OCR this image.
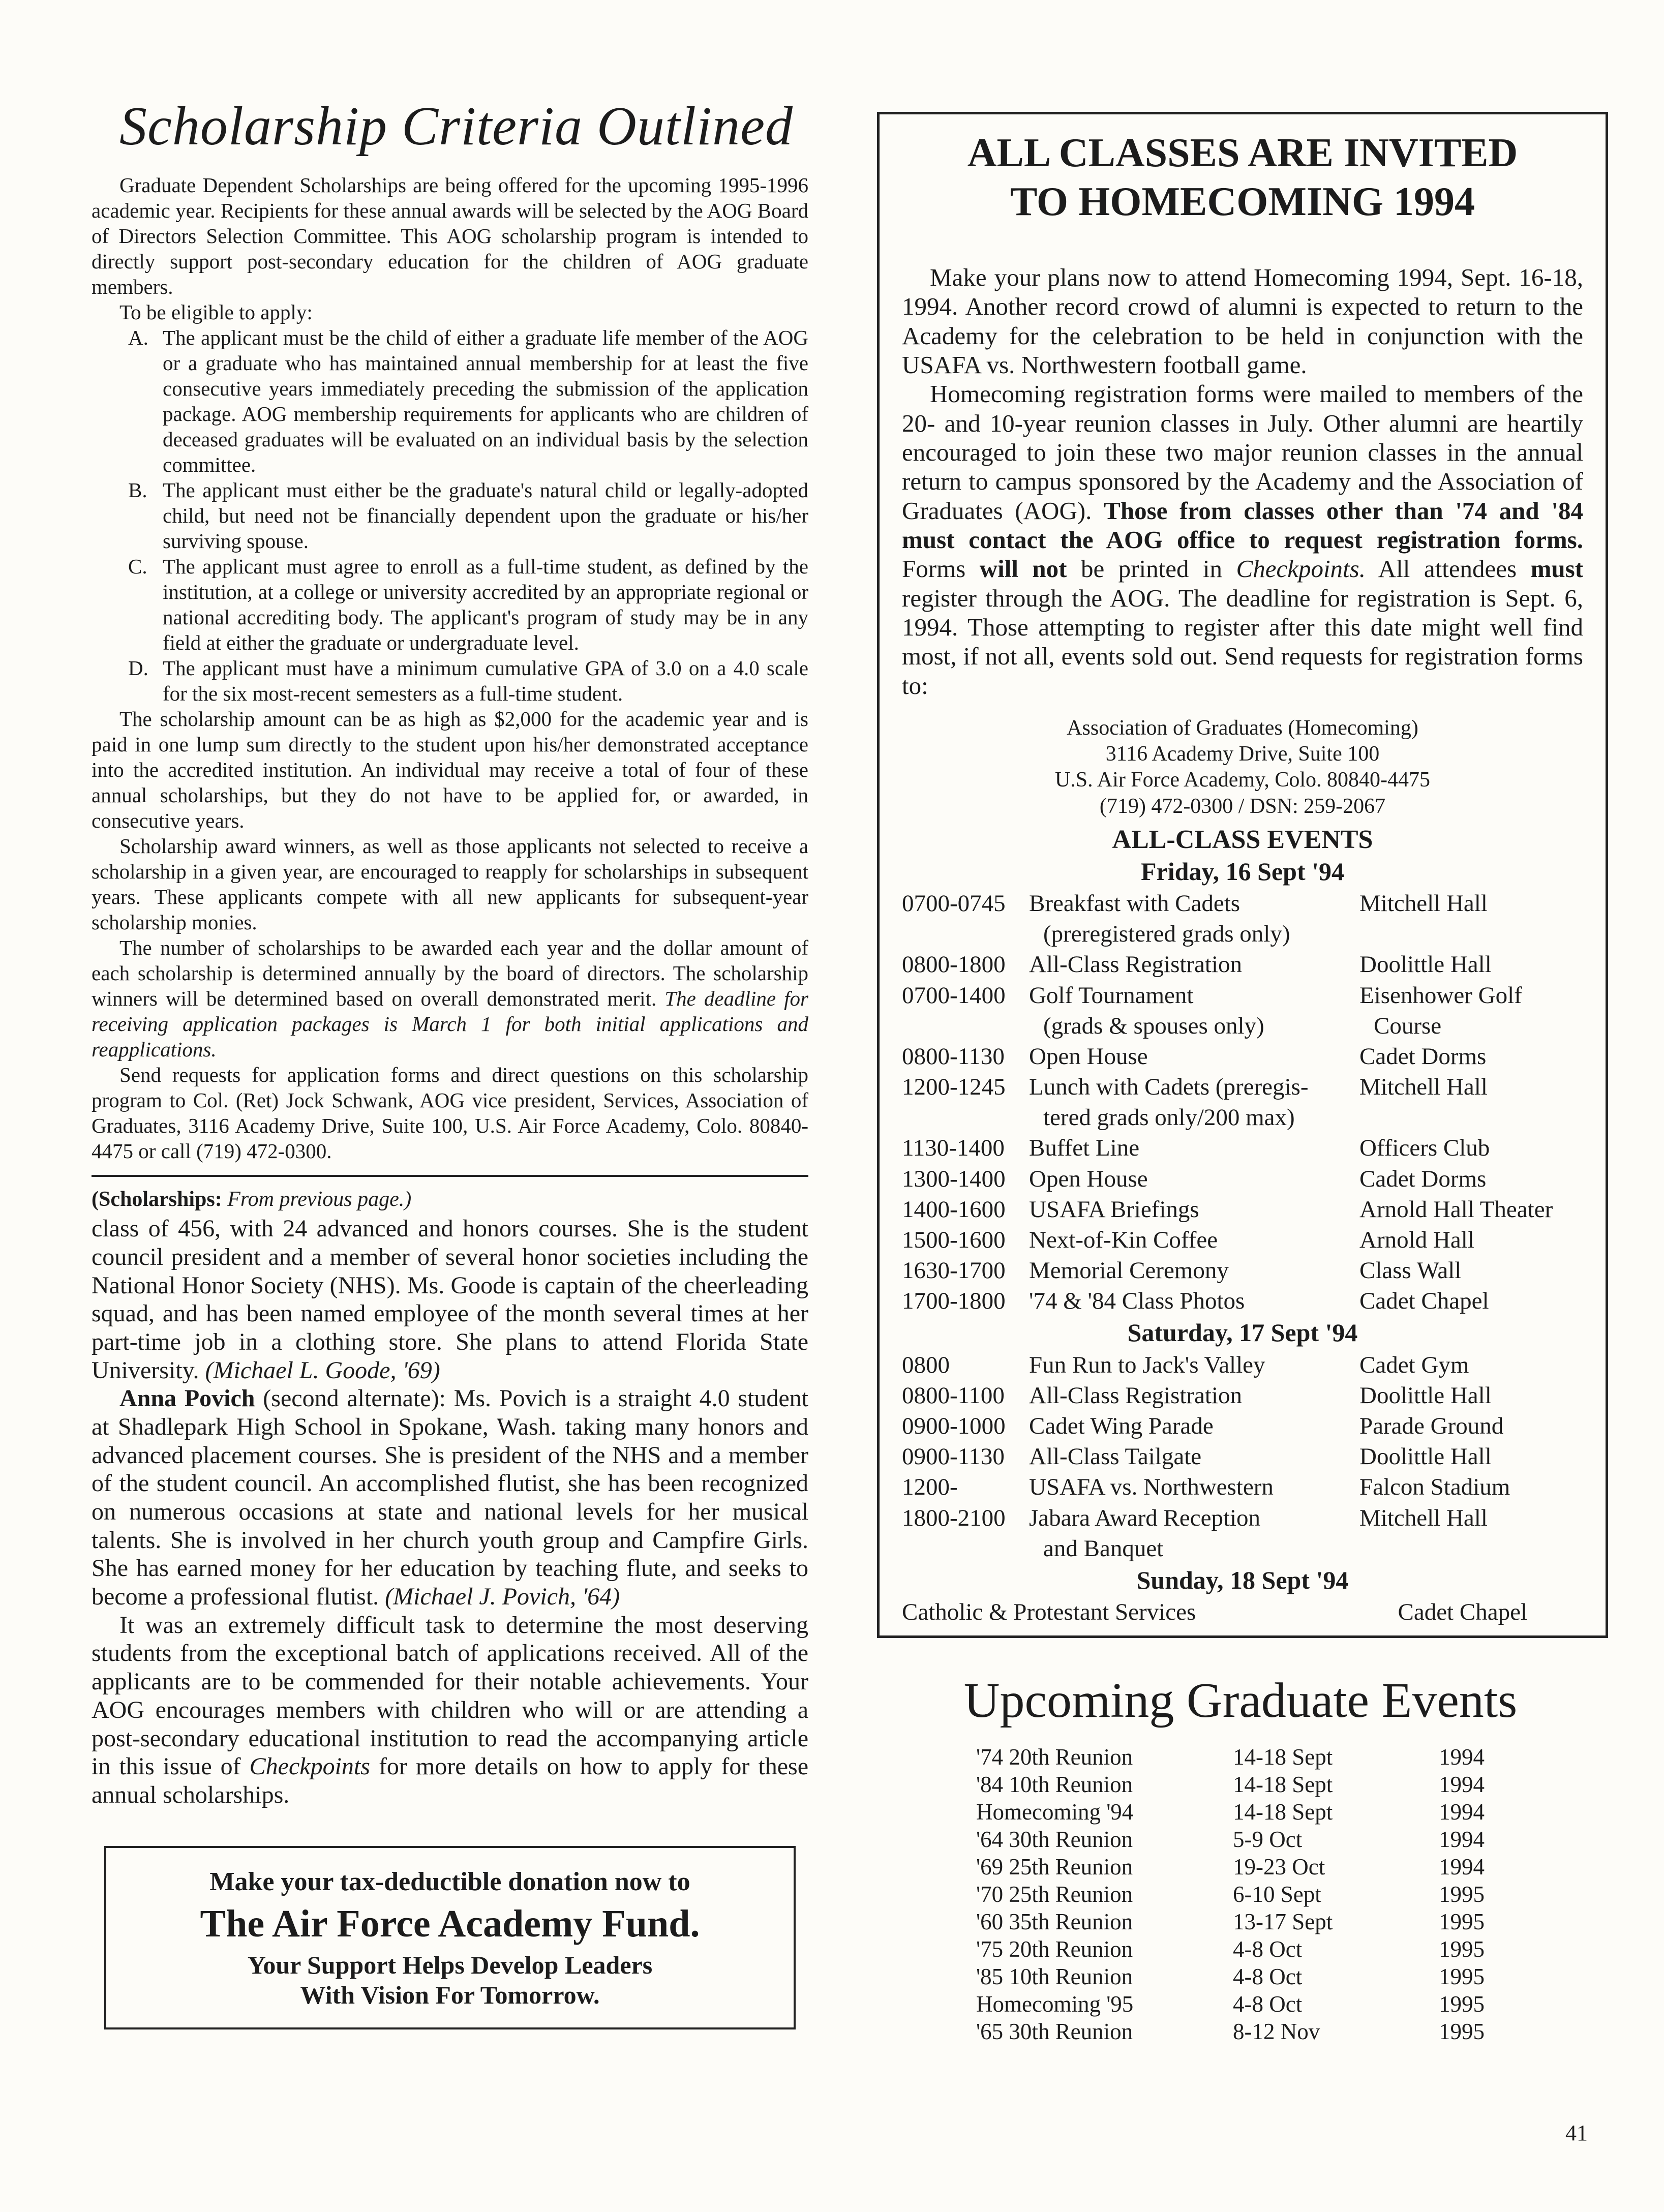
Scholarship Criteria Outlined

Graduate Dependent Scholarships are being offered for the upcoming 1995-1996 academic year. Recipients for these annual awards will be selected by the AOG Board of Directors Selection Committee. This AOG scholarship program is intended to directly support post-secondary education for the children of AOG graduate members.

To be eligible to apply:

A. The applicant must be the child of either a graduate life member of the AOG or a graduate who has maintained annual membership for at least the five consecutive years immediately preceding the submission of the application package. AOG membership requirements for applicants who are children of deceased graduates will be evaluated on an individual basis by the selection committee.
B. The applicant must either be the graduate's natural child or legally-adopted child, but need not be financially dependent upon the graduate or his/her surviving spouse.
C. The applicant must agree to enroll as a full-time student, as defined by the institution, at a college or university accredited by an appropriate regional or national accrediting body. The applicant's program of study may be in any field at either the graduate or undergraduate level.
D. The applicant must have a minimum cumulative GPA of 3.0 on a 4.0 scale for the six most-recent semesters as a full-time student.

The scholarship amount can be as high as $2,000 for the academic year and is paid in one lump sum directly to the student upon his/her demonstrated acceptance into the accredited institution. An individual may receive a total of four of these annual scholarships, but they do not have to be applied for, or awarded, in consecutive years.

Scholarship award winners, as well as those applicants not selected to receive a scholarship in a given year, are encouraged to reapply for scholarships in subsequent years. These applicants compete with all new applicants for subsequent-year scholarship monies.

The number of scholarships to be awarded each year and the dollar amount of each scholarship is determined annually by the board of directors. The scholarship winners will be determined based on overall demonstrated merit. The deadline for receiving application packages is March 1 for both initial applications and reapplications.

Send requests for application forms and direct questions on this scholarship program to Col. (Ret) Jock Schwank, AOG vice president, Services, Association of Graduates, 3116 Academy Drive, Suite 100, U.S. Air Force Academy, Colo. 80840-4475 or call (719) 472-0300.

(Scholarships: From previous page.)

class of 456, with 24 advanced and honors courses. She is the student council president and a member of several honor societies including the National Honor Society (NHS). Ms. Goode is captain of the cheerleading squad, and has been named employee of the month several times at her part-time job in a clothing store. She plans to attend Florida State University. (Michael L. Goode, '69)

Anna Povich (second alternate): Ms. Povich is a straight 4.0 student at Shadlepark High School in Spokane, Wash. taking many honors and advanced placement courses. She is president of the NHS and a member of the student council. An accomplished flutist, she has been recognized on numerous occasions at state and national levels for her musical talents. She is involved in her church youth group and Campfire Girls. She has earned money for her education by teaching flute, and seeks to become a professional flutist. (Michael J. Povich, '64)

It was an extremely difficult task to determine the most deserving students from the exceptional batch of applications received. All of the applicants are to be commended for their notable achievements. Your AOG encourages members with children who will or are attending a post-secondary educational institution to read the accompanying article in this issue of Checkpoints for more details on how to apply for these annual scholarships.

Make your tax-deductible donation now to
The Air Force Academy Fund.
Your Support Helps Develop Leaders
With Vision For Tomorrow.
ALL CLASSES ARE INVITED
TO HOMECOMING 1994

Make your plans now to attend Homecoming 1994, Sept. 16-18, 1994. Another record crowd of alumni is expected to return to the Academy for the celebration to be held in conjunction with the USAFA vs. Northwestern football game.

Homecoming registration forms were mailed to members of the 20- and 10-year reunion classes in July. Other alumni are heartily encouraged to join these two major reunion classes in the annual return to campus sponsored by the Academy and the Association of Graduates (AOG). Those from classes other than '74 and '84 must contact the AOG office to request registration forms. Forms will not be printed in Checkpoints. All attendees must register through the AOG. The deadline for registration is Sept. 6, 1994. Those attempting to register after this date might well find most, if not all, events sold out. Send requests for registration forms to:

Association of Graduates (Homecoming)
3116 Academy Drive, Suite 100
U.S. Air Force Academy, Colo. 80840-4475
(719) 472-0300 / DSN: 259-2067
ALL-CLASS EVENTS
Friday, 16 Sept '94
0700-0745	Breakfast with Cadets	Mitchell Hall
	(preregistered grads only)	
0800-1800	All-Class Registration	Doolittle Hall
0700-1400	Golf Tournament	Eisenhower Golf
	(grads & spouses only)	Course
0800-1130	Open House	Cadet Dorms
1200-1245	Lunch with Cadets (preregis-	Mitchell Hall
	tered grads only/200 max)	
1130-1400	Buffet Line	Officers Club
1300-1400	Open House	Cadet Dorms
1400-1600	USAFA Briefings	Arnold Hall Theater
1500-1600	Next-of-Kin Coffee	Arnold Hall
1630-1700	Memorial Ceremony	Class Wall
1700-1800	'74 & '84 Class Photos	Cadet Chapel
Saturday, 17 Sept '94
0800	Fun Run to Jack's Valley	Cadet Gym
0800-1100	All-Class Registration	Doolittle Hall
0900-1000	Cadet Wing Parade	Parade Ground
0900-1130	All-Class Tailgate	Doolittle Hall
1200-	USAFA vs. Northwestern	Falcon Stadium
1800-2100	Jabara Award Reception	Mitchell Hall
	and Banquet	
Sunday, 18 Sept '94
Catholic & Protestant Services	Cadet Chapel
Upcoming Graduate Events
'74 20th Reunion	14-18 Sept	1994
'84 10th Reunion	14-18 Sept	1994
Homecoming '94	14-18 Sept	1994
'64 30th Reunion	5-9 Oct	1994
'69 25th Reunion	19-23 Oct	1994
'70 25th Reunion	6-10 Sept	1995
'60 35th Reunion	13-17 Sept	1995
'75 20th Reunion	4-8 Oct	1995
'85 10th Reunion	4-8 Oct	1995
Homecoming '95	4-8 Oct	1995
'65 30th Reunion	8-12 Nov	1995
41
